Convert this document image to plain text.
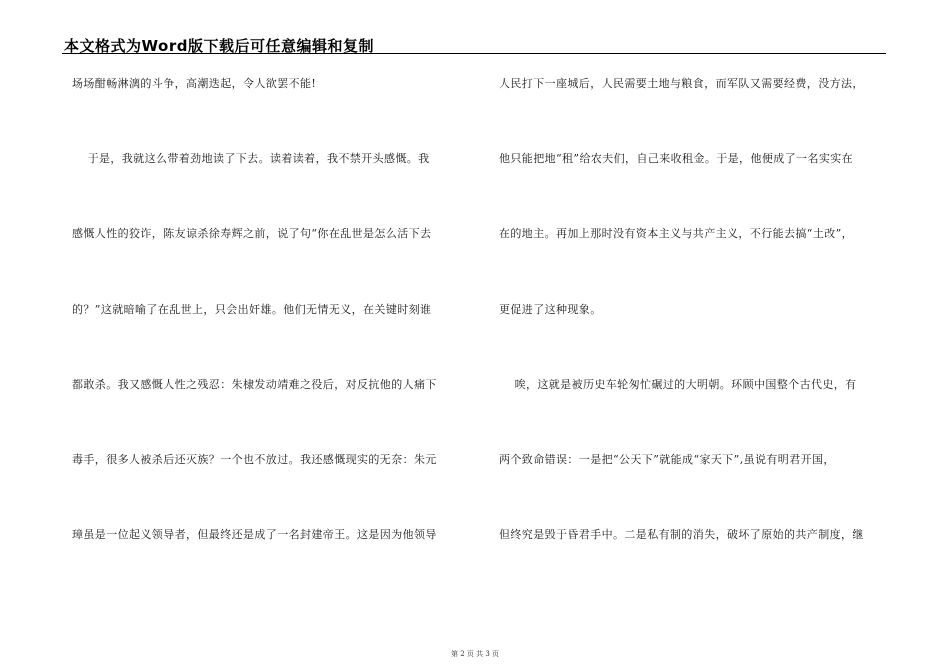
本文格式为Word版下载后可任意编辑和复制
场场酣畅淋漓的斗争，高潮迭起，令人欲罢不能!
于是，我就这么带着劲地读了下去。读着读着，我不禁开头感慨。我
感慨人性的狡诈，陈友谅杀徐寿辉之前，说了句“你在乱世是怎么活下去
的？”这就暗喻了在乱世上，只会出奸雄。他们无情无义，在关键时刻谁
都敢杀。我又感慨人性之残忍：朱棣发动靖难之役后，对反抗他的人痛下
毒手，很多人被杀后还灭族？一个也不放过。我还感慨现实的无奈：朱元
璋虽是一位起义领导者，但最终还是成了一名封建帝王。这是因为他领导
人民打下一座城后，人民需要土地与粮食，而军队又需要经费，没方法，
他只能把地“租”给农夫们，自己来收租金。于是，他便成了一名实实在
在的地主。再加上那时没有资本主义与共产主义，不行能去搞“土改”，
更促进了这种现象。
唉，这就是被历史车轮匆忙碾过的大明朝。环顾中国整个古代史，有
两个致命错误：一是把“公天下”就能成“家天下”,虽说有明君开国，
但终究是毁于昏君手中。二是私有制的消失，破坏了原始的共产制度，继
第 2 页 共 3 页
